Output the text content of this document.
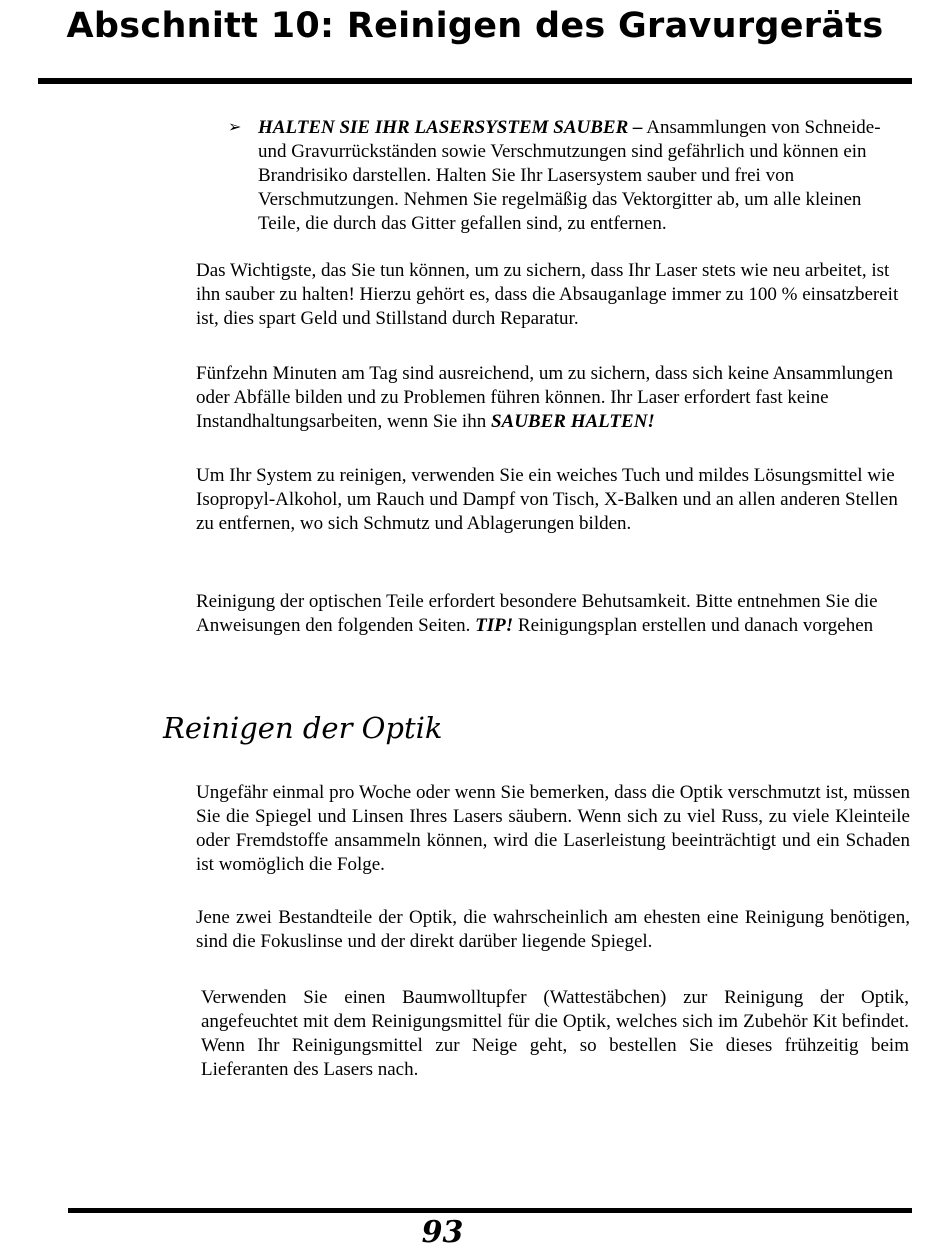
Abschnitt 10: Reinigen des Gravurgeräts
➢ HALTEN SIE IHR LASERSYSTEM SAUBER – Ansammlungen von Schneide- und Gravurrückständen sowie Verschmutzungen sind gefährlich und können ein Brandrisiko darstellen. Halten Sie Ihr Lasersystem sauber und frei von Verschmutzungen. Nehmen Sie regelmäßig das Vektorgitter ab, um alle kleinen Teile, die durch das Gitter gefallen sind, zu entfernen.
Das Wichtigste, das Sie tun können, um zu sichern, dass Ihr Laser stets wie neu arbeitet, ist ihn sauber zu halten! Hierzu gehört es, dass die Absauganlage immer zu 100 % einsatzbereit ist, dies spart Geld und Stillstand durch Reparatur.
Fünfzehn Minuten am Tag sind ausreichend, um zu sichern, dass sich keine Ansammlungen oder Abfälle bilden und zu Problemen führen können. Ihr Laser erfordert fast keine Instandhaltungsarbeiten, wenn Sie ihn SAUBER HALTEN!
Um Ihr System zu reinigen, verwenden Sie ein weiches Tuch und mildes Lösungsmittel wie Isopropyl-Alkohol, um Rauch und Dampf von Tisch, X-Balken und an allen anderen Stellen zu entfernen, wo sich Schmutz und Ablagerungen bilden.
Reinigung der optischen Teile erfordert besondere Behutsamkeit. Bitte entnehmen Sie die Anweisungen den folgenden Seiten. TIP! Reinigungsplan erstellen und danach vorgehen
Reinigen der Optik
Ungefähr einmal pro Woche oder wenn Sie bemerken, dass die Optik verschmutzt ist, müssen Sie die Spiegel und Linsen Ihres Lasers säubern. Wenn sich zu viel Russ, zu viele Kleinteile oder Fremdstoffe ansammeln können, wird die Laserleistung beeinträchtigt und ein Schaden ist womöglich die Folge.
Jene zwei Bestandteile der Optik, die wahrscheinlich am ehesten eine Reinigung benötigen, sind die Fokuslinse und der direkt darüber liegende Spiegel.
Verwenden Sie einen Baumwolltupfer (Wattestäbchen) zur Reinigung der Optik, angefeuchtet mit dem Reinigungsmittel für die Optik, welches sich im Zubehör Kit befindet. Wenn Ihr Reinigungsmittel zur Neige geht, so bestellen Sie dieses frühzeitig beim Lieferanten des Lasers nach.
93
